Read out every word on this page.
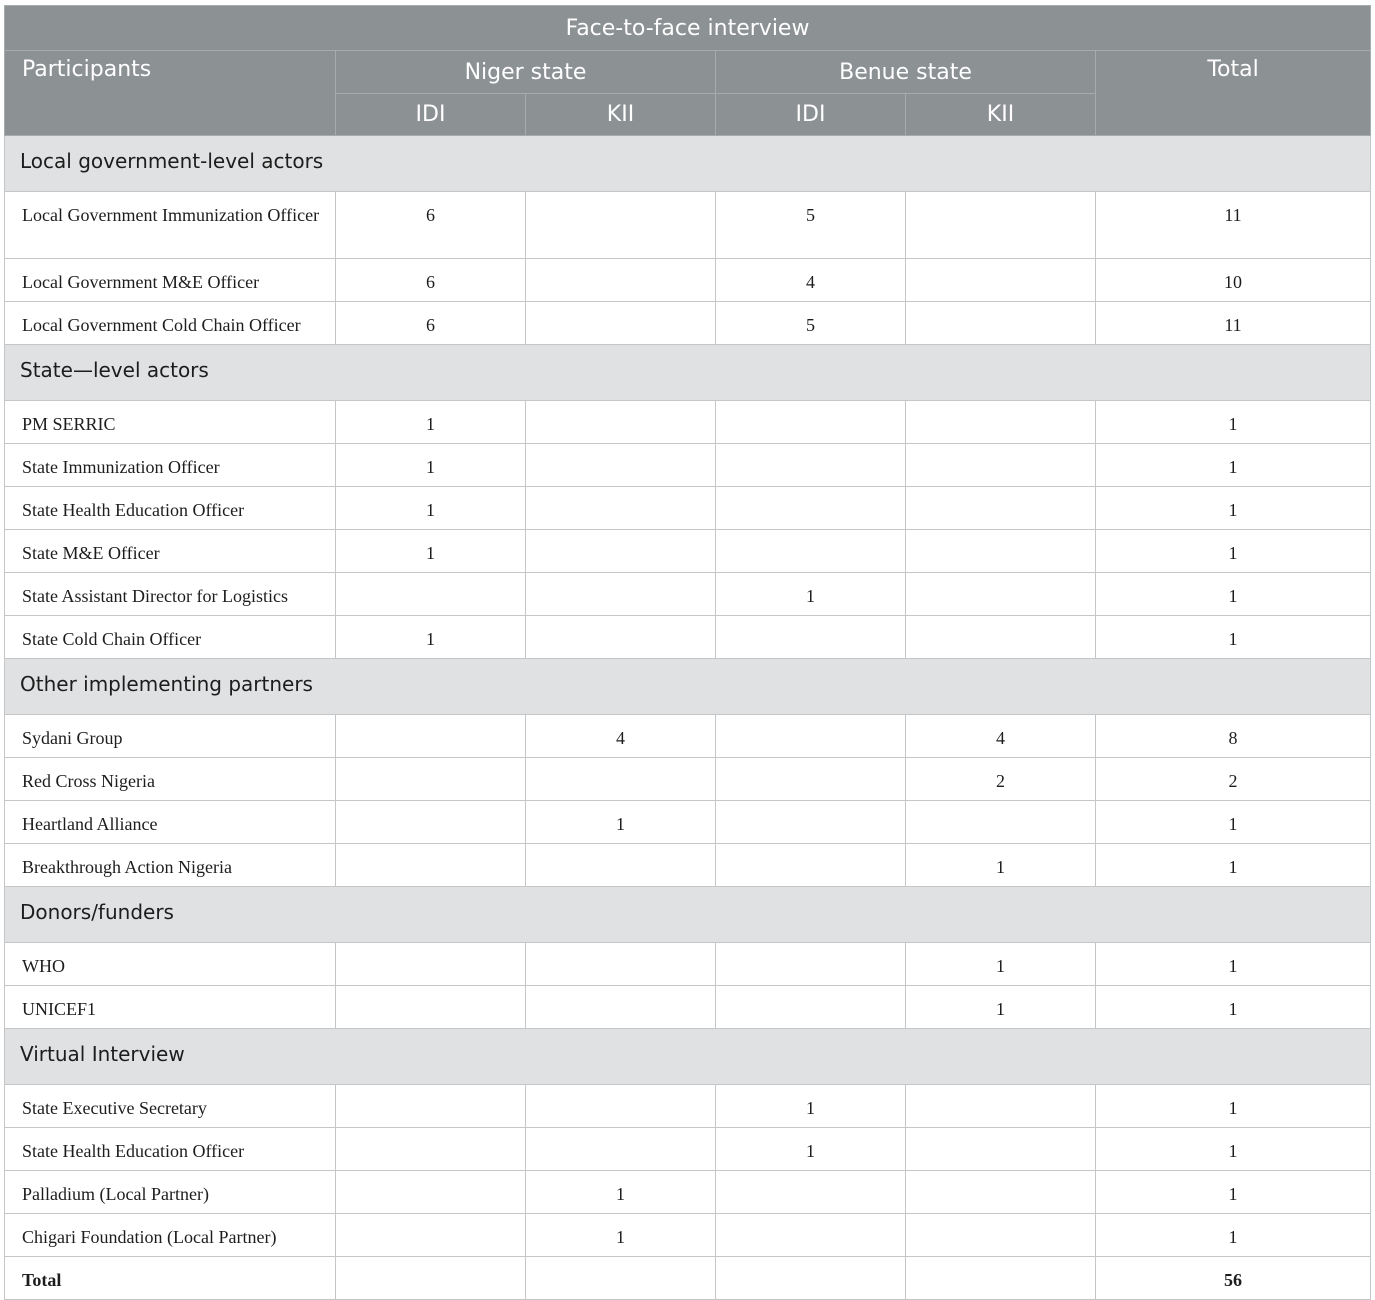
Face-to-face interview					
Participants	Niger state		Benue state		Total
	IDI	KII	IDI	KII	
Local government-level actors					
Local Government Immunization Officer	6		5		11
Local Government M&E Officer	6		4		10
Local Government Cold Chain Officer	6		5		11
State—level actors					
PM SERRIC	1				1
State Immunization Officer	1				1
State Health Education Officer	1				1
State M&E Officer	1				1
State Assistant Director for Logistics			1		1
State Cold Chain Officer	1				1
Other implementing partners					
Sydani Group		4		4	8
Red Cross Nigeria				2	2
Heartland Alliance		1			1
Breakthrough Action Nigeria				1	1
Donors/funders					
WHO				1	1
UNICEF1				1	1
Virtual Interview					
State Executive Secretary			1		1
State Health Education Officer			1		1
Palladium (Local Partner)		1			1
Chigari Foundation (Local Partner)		1			1
Total					56
